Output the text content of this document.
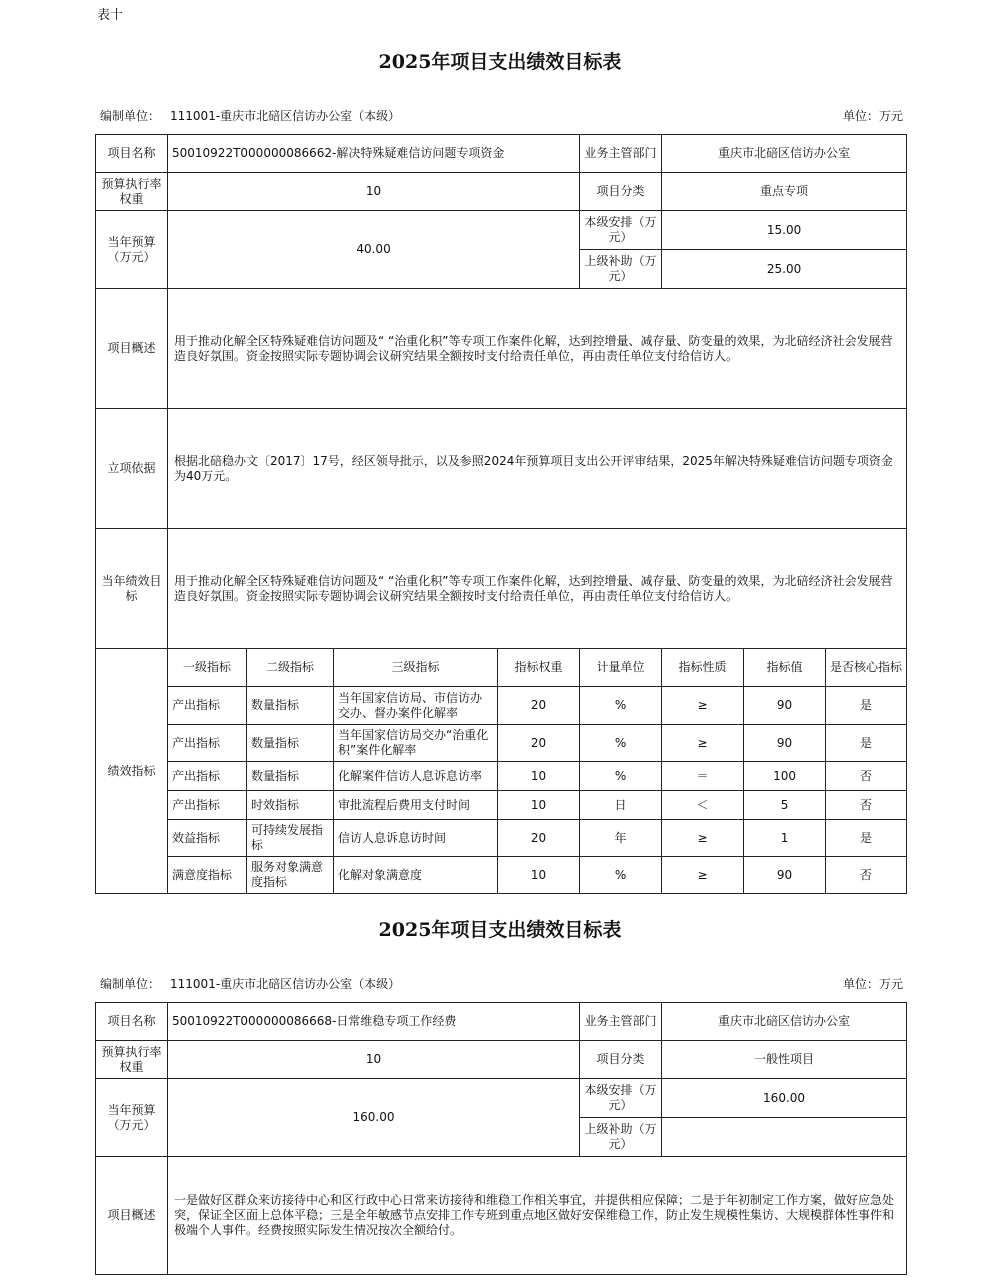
表十
2025年项目支出绩效目标表
编制单位： 111001-重庆市北碚区信访办公室（本级）	单位：万元
项目名称	50010922T000000086662-解决特殊疑难信访问题专项资金				业务主管部门	重庆市北碚区信访办公室		
预算执行率权重	10				项目分类	重点专项		
当年预算（万元）	40.00				本级安排（万元）	15.00		
					上级补助（万元）	25.00		
项目概述	用于推动化解全区特殊疑难信访问题及“ “治重化积”等专项工作案件化解，达到控增量、减存量、防变量的效果，为北碚经济社会发展营造良好氛围。资金按照实际专题协调会议研究结果全额按时支付给责任单位，再由责任单位支付给信访人。							
立项依据	根据北碚稳办文〔2017〕17号，经区领导批示，以及参照2024年预算项目支出公开评审结果，2025年解决特殊疑难信访问题专项资金为40万元。							
当年绩效目标	用于推动化解全区特殊疑难信访问题及“ “治重化积”等专项工作案件化解，达到控增量、减存量、防变量的效果，为北碚经济社会发展营造良好氛围。资金按照实际专题协调会议研究结果全额按时支付给责任单位，再由责任单位支付给信访人。							
绩效指标	一级指标	二级指标	三级指标	指标权重	计量单位	指标性质	指标值	是否核心指标
	产出指标	数量指标	当年国家信访局、市信访办交办、督办案件化解率	20	%	≥	90	是
	产出指标	数量指标	当年国家信访局交办“治重化积”案件化解率	20	%	≥	90	是
	产出指标	数量指标	化解案件信访人息诉息访率	10	%	＝	100	否
	产出指标	时效指标	审批流程后费用支付时间	10	日	＜	5	否
	效益指标	可持续发展指标	信访人息诉息访时间	20	年	≥	1	是
	满意度指标	服务对象满意度指标	化解对象满意度	10	%	≥	90	否
2025年项目支出绩效目标表
编制单位： 111001-重庆市北碚区信访办公室（本级）	单位：万元
项目名称	50010922T000000086668-日常维稳专项工作经费	业务主管部门	重庆市北碚区信访办公室
预算执行率权重	10	项目分类	一般性项目
当年预算（万元）	160.00	本级安排（万元）	160.00
		上级补助（万元）	
项目概述	一是做好区群众来访接待中心和区行政中心日常来访接待和维稳工作相关事宜，并提供相应保障；二是于年初制定工作方案，做好应急处突，保证全区面上总体平稳；三是全年敏感节点安排工作专班到重点地区做好安保维稳工作，防止发生规模性集访、大规模群体性事件和极端个人事件。经费按照实际发生情况按次全额给付。		
